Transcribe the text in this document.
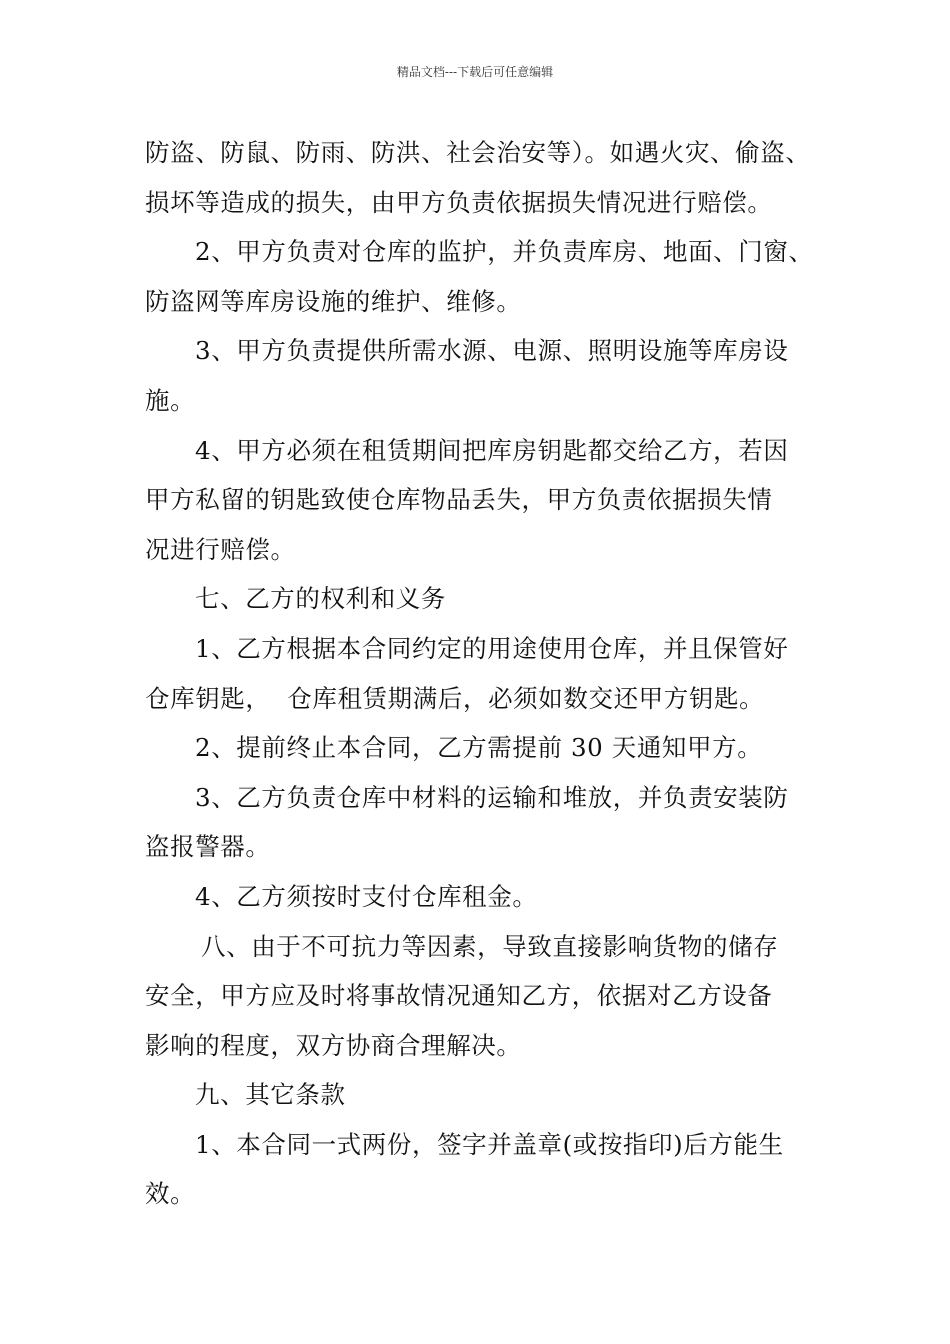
精品文档---下载后可任意编辑
防盗、防鼠、防雨、防洪、社会治安等）。如遇火灾、偷盗、
损坏等造成的损失，由甲方负责依据损失情况进行赔偿。
2、甲方负责对仓库的监护，并负责库房、地面、门窗、
防盗网等库房设施的维护、维修。
3、甲方负责提供所需水源、电源、照明设施等库房设
施。
4、甲方必须在租赁期间把库房钥匙都交给乙方，若因
甲方私留的钥匙致使仓库物品丢失，甲方负责依据损失情
况进行赔偿。
七、乙方的权利和义务
1、乙方根据本合同约定的用途使用仓库，并且保管好
仓库钥匙，  仓库租赁期满后，必须如数交还甲方钥匙。
2、提前终止本合同，乙方需提前 30 天通知甲方。
3、乙方负责仓库中材料的运输和堆放，并负责安装防
盗报警器。
4、乙方须按时支付仓库租金。
八、由于不可抗力等因素，导致直接影响货物的储存
安全，甲方应及时将事故情况通知乙方，依据对乙方设备
影响的程度，双方协商合理解决。
九、其它条款
1、本合同一式两份，签字并盖章(或按指印)后方能生
效。
